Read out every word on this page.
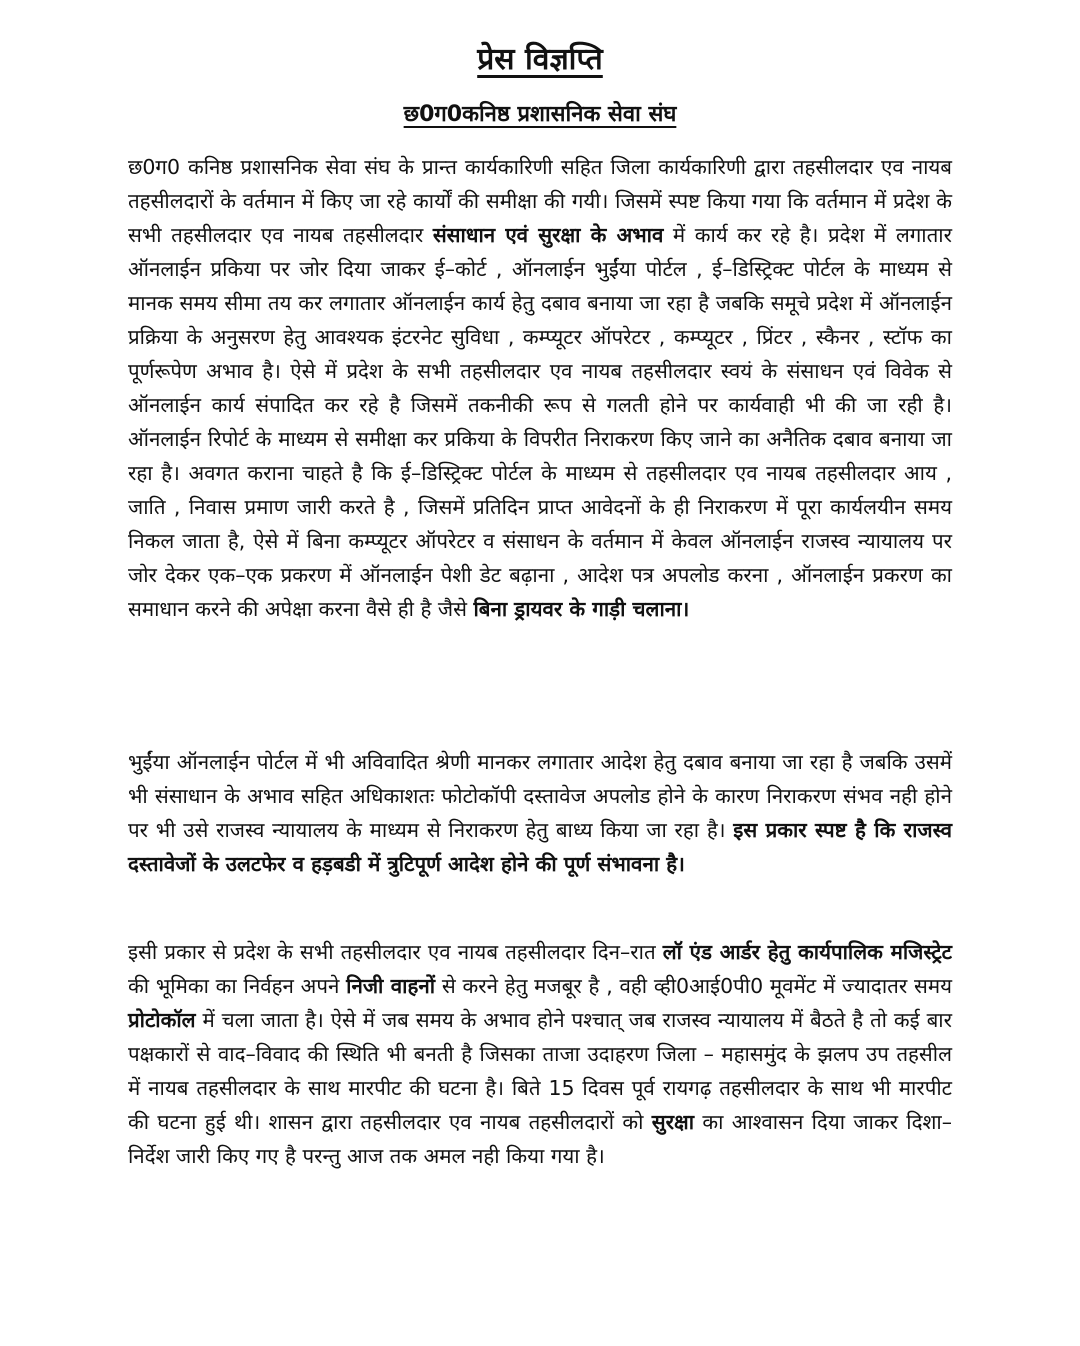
प्रेस विज्ञप्ति
छ0ग0कनिष्ठ प्रशासनिक सेवा संघ

छ0ग0 कनिष्ठ प्रशासनिक सेवा संघ के प्रान्त कार्यकारिणी सहित जिला कार्यकारिणी द्वारा तहसीलदार एव नायब तहसीलदारों के वर्तमान में किए जा रहे कार्यों की समीक्षा की गयी। जिसमें स्पष्ट किया गया कि वर्तमान में प्रदेश के सभी तहसीलदार एव नायब तहसीलदार संसाधान एवं सुरक्षा के अभाव में कार्य कर रहे है। प्रदेश में लगातार ऑनलाईन प्रकिया पर जोर दिया जाकर ई–कोर्ट , ऑनलाईन भुईंया पोर्टल , ई–डिस्ट्रिक्ट पोर्टल के माध्यम से मानक समय सीमा तय कर लगातार ऑनलाईन कार्य हेतु दबाव बनाया जा रहा है जबकि समूचे प्रदेश में ऑनलाईन प्रक्रिया के अनुसरण हेतु आवश्यक इंटरनेट सुविधा , कम्प्यूटर ऑपरेटर , कम्प्यूटर , प्रिंटर , स्कैनर , स्टॉफ का पूर्णरूपेण अभाव है। ऐसे में प्रदेश के सभी तहसीलदार एव नायब तहसीलदार स्वयं के संसाधन एवं विवेक से ऑनलाईन कार्य संपादित कर रहे है जिसमें तकनीकी रूप से गलती होने पर कार्यवाही भी की जा रही है। ऑनलाईन रिपोर्ट के माध्यम से समीक्षा कर प्रकिया के विपरीत निराकरण किए जाने का अनैतिक दबाव बनाया जा रहा है। अवगत कराना चाहते है कि ई–डिस्ट्रिक्ट पोर्टल के माध्यम से तहसीलदार एव नायब तहसीलदार आय , जाति , निवास प्रमाण जारी करते है , जिसमें प्रतिदिन प्राप्त आवेदनों के ही निराकरण में पूरा कार्यलयीन समय निकल जाता है, ऐसे में बिना कम्प्यूटर ऑपरेटर व संसाधन के वर्तमान में केवल ऑनलाईन राजस्व न्यायालय पर जोर देकर एक–एक प्रकरण में ऑनलाईन पेशी डेट बढ़ाना , आदेश पत्र अपलोड करना , ऑनलाईन प्रकरण का समाधान करने की अपेक्षा करना वैसे ही है जैसे बिना ड्रायवर के गाड़ी चलाना।

भुईंया ऑनलाईन पोर्टल में भी अविवादित श्रेणी मानकर लगातार आदेश हेतु दबाव बनाया जा रहा है जबकि उसमें भी संसाधान के अभाव सहित अधिकाशतः फोटोकॉपी दस्तावेज अपलोड होने के कारण निराकरण संभव नही होने पर भी उसे राजस्व न्यायालय के माध्यम से निराकरण हेतु बाध्य किया जा रहा है। इस प्रकार स्पष्ट है कि राजस्व दस्तावेजों के उलटफेर व हड़बडी में त्रुटिपूर्ण आदेश होने की पूर्ण संभावना है।

इसी प्रकार से प्रदेश के सभी तहसीलदार एव नायब तहसीलदार दिन–रात लॉ एंड आर्डर हेतु कार्यपालिक मजिस्ट्रेट की भूमिका का निर्वहन अपने निजी वाहनों से करने हेतु मजबूर है , वही व्ही0आई0पी0 मूवमेंट में ज्यादातर समय प्रोटोकॉल में चला जाता है। ऐसे में जब समय के अभाव होने पश्चात् जब राजस्व न्यायालय में बैठते है तो कई बार पक्षकारों से वाद–विवाद की स्थिति भी बनती है जिसका ताजा उदाहरण जिला – महासमुंद के झलप उप तहसील में नायब तहसीलदार के साथ मारपीट की घटना है। बिते 15 दिवस पूर्व रायगढ़ तहसीलदार के साथ भी मारपीट की घटना हुई थी। शासन द्वारा तहसीलदार एव नायब तहसीलदारों को सुरक्षा का आश्वासन दिया जाकर दिशा–निर्देश जारी किए गए है परन्तु आज तक अमल नही किया गया है।
